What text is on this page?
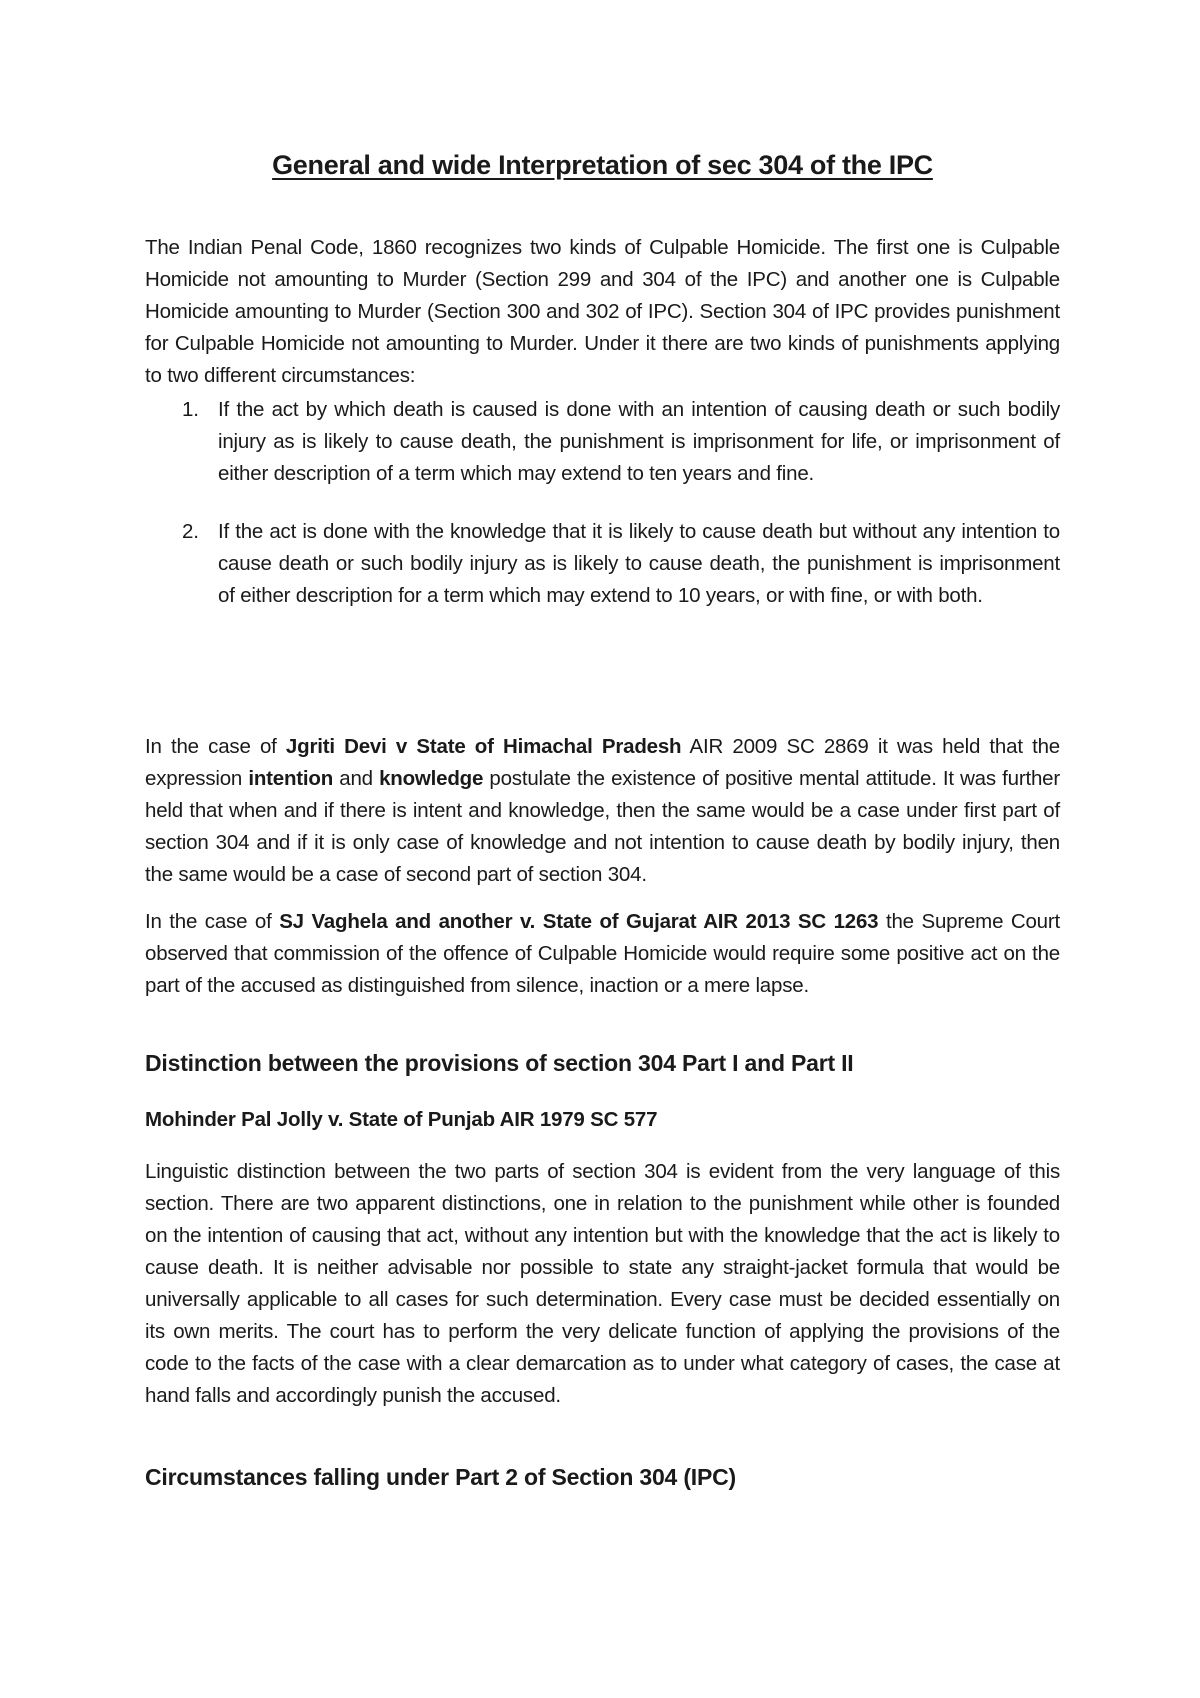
General and wide Interpretation of sec 304 of the IPC

The Indian Penal Code, 1860 recognizes two kinds of Culpable Homicide. The first one is Culpable Homicide not amounting to Murder (Section 299 and 304 of the IPC) and another one is Culpable Homicide amounting to Murder (Section 300 and 302 of IPC). Section 304 of IPC provides punishment for Culpable Homicide not amounting to Murder. Under it there are two kinds of punishments applying to two different circumstances:

1. If the act by which death is caused is done with an intention of causing death or such bodily injury as is likely to cause death, the punishment is imprisonment for life, or imprisonment of either description of a term which may extend to ten years and fine.
2. If the act is done with the knowledge that it is likely to cause death but without any intention to cause death or such bodily injury as is likely to cause death, the punishment is imprisonment of either description for a term which may extend to 10 years, or with fine, or with both.

In the case of Jgriti Devi v State of Himachal Pradesh AIR 2009 SC 2869 it was held that the expression intention and knowledge postulate the existence of positive mental attitude. It was further held that when and if there is intent and knowledge, then the same would be a case under first part of section 304 and if it is only case of knowledge and not intention to cause death by bodily injury, then the same would be a case of second part of section 304.

In the case of SJ Vaghela and another v. State of Gujarat AIR 2013 SC 1263 the Supreme Court observed that commission of the offence of Culpable Homicide would require some positive act on the part of the accused as distinguished from silence, inaction or a mere lapse.

Distinction between the provisions of section 304 Part I and Part II
Mohinder Pal Jolly v. State of Punjab AIR 1979 SC 577

Linguistic distinction between the two parts of section 304 is evident from the very language of this section. There are two apparent distinctions, one in relation to the punishment while other is founded on the intention of causing that act, without any intention but with the knowledge that the act is likely to cause death. It is neither advisable nor possible to state any straight-jacket formula that would be universally applicable to all cases for such determination. Every case must be decided essentially on its own merits. The court has to perform the very delicate function of applying the provisions of the code to the facts of the case with a clear demarcation as to under what category of cases, the case at hand falls and accordingly punish the accused.

Circumstances falling under Part 2 of Section 304 (IPC)
